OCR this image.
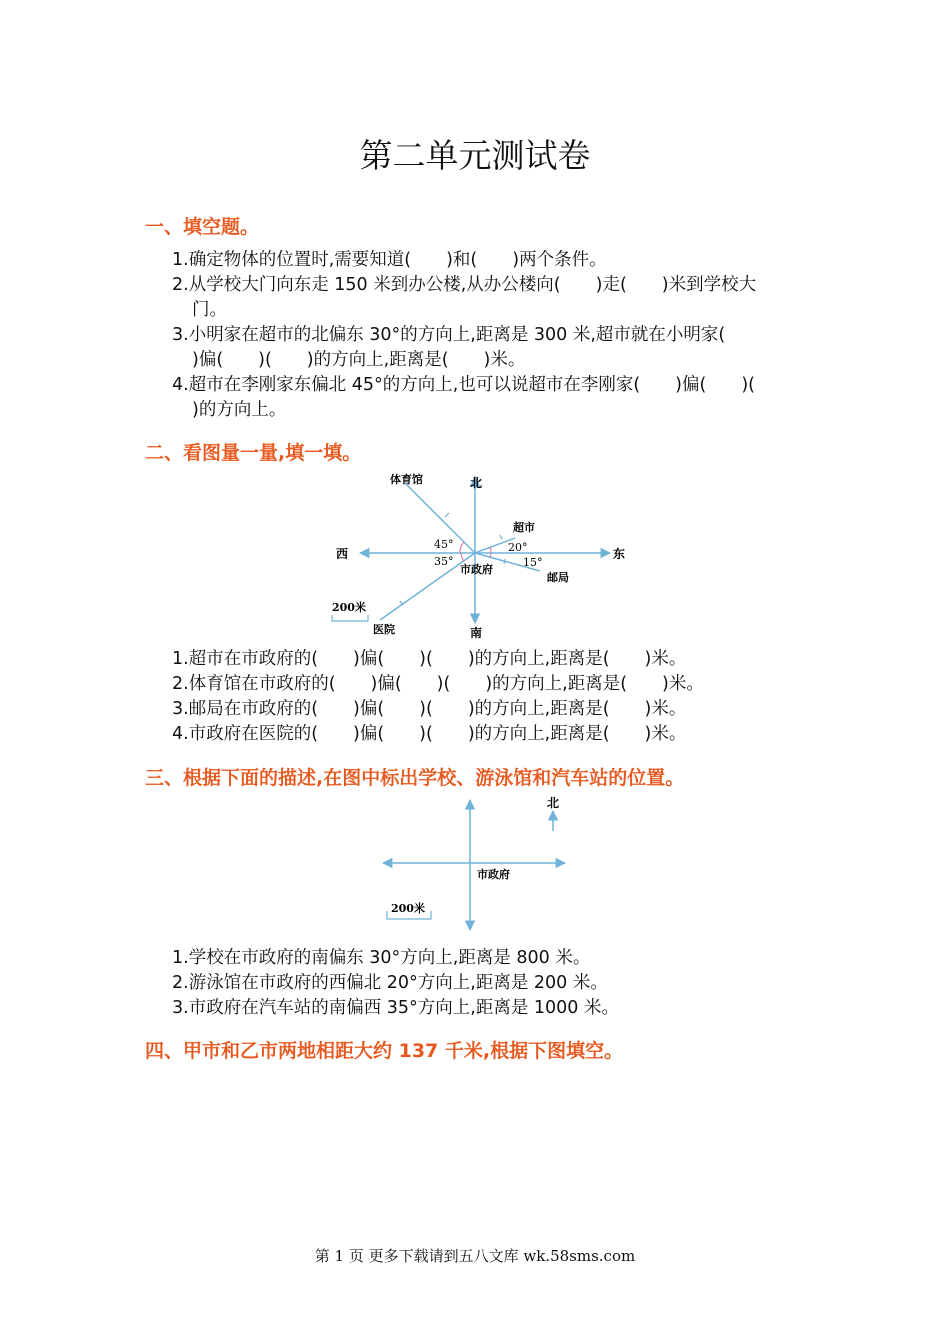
第二单元测试卷
一、填空题。
1.确定物体的位置时,需要知道(　　)和(　　)两个条件。
2.从学校大门向东走 150 米到办公楼,从办公楼向(　　)走(　　)米到学校大
门。
3.小明家在超市的北偏东 30°的方向上,距离是 300 米,超市就在小明家(
)偏(　　)(　　)的方向上,距离是(　　)米。
4.超市在李刚家东偏北 45°的方向上,也可以说超市在李刚家(　　)偏(　　)(
)的方向上。
二、看图量一量,填一填。
北
南
东
西
市政府
体育馆
超市
邮局
医院
45°
35°
20°
15°
200米
1.超市在市政府的(　　)偏(　　)(　　)的方向上,距离是(　　)米。
2.体育馆在市政府的(　　)偏(　　)(　　)的方向上,距离是(　　)米。
3.邮局在市政府的(　　)偏(　　)(　　)的方向上,距离是(　　)米。
4.市政府在医院的(　　)偏(　　)(　　)的方向上,距离是(　　)米。
三、根据下面的描述,在图中标出学校、游泳馆和汽车站的位置。
北
市政府
200米
1.学校在市政府的南偏东 30°方向上,距离是 800 米。
2.游泳馆在市政府的西偏北 20°方向上,距离是 200 米。
3.市政府在汽车站的南偏西 35°方向上,距离是 1000 米。
四、甲市和乙市两地相距大约 137 千米,根据下图填空。
第 1 页 更多下载请到五八文库 wk.58sms.com
